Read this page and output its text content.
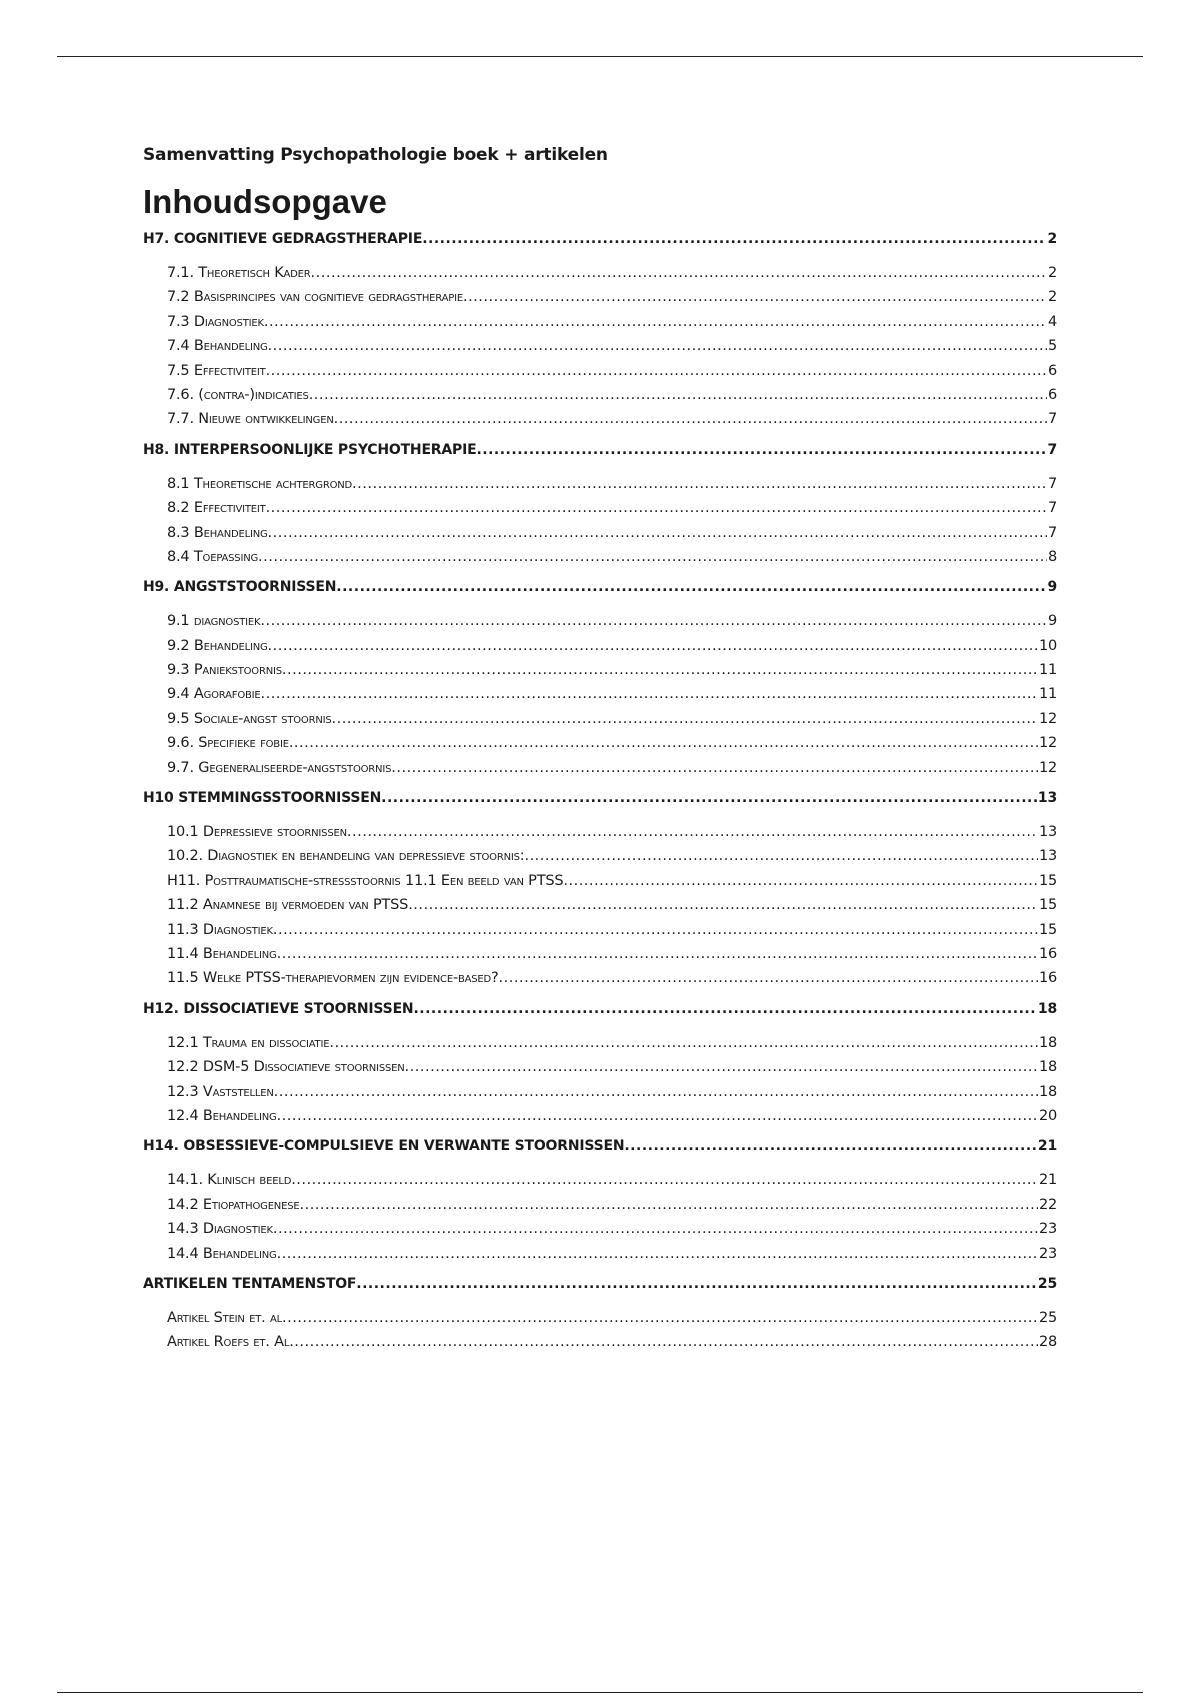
Samenvatting Psychopathologie boek + artikelen
Inhoudsopgave
H7. COGNITIEVE GEDRAGSTHERAPIE .....	2
7.1. Theoretisch Kader .....	2
7.2 Basisprincipes van cognitieve gedragstherapie .....	2
7.3 Diagnostiek .....	4
7.4 Behandeling .....	5
7.5 Effectiviteit .....	6
7.6. (contra-)indicaties .....	6
7.7. Nieuwe ontwikkelingen .....	7
H8. INTERPERSOONLIJKE PSYCHOTHERAPIE .....	7
8.1 Theoretische achtergrond .....	7
8.2 Effectiviteit .....	7
8.3 Behandeling .....	7
8.4 Toepassing .....	8
H9. ANGSTSTOORNISSEN .....	9
9.1 diagnostiek .....	9
9.2 Behandeling .....	10
9.3 Paniekstoornis .....	11
9.4 Agorafobie .....	11
9.5 Sociale-angst stoornis .....	12
9.6. Specifieke fobie .....	12
9.7. Gegeneraliseerde-angststoornis .....	12
H10 STEMMINGSSTOORNISSEN .....	13
10.1 Depressieve stoornissen .....	13
10.2. Diagnostiek en behandeling van depressieve stoornis: .....	13
H11. Posttraumatische-stressstoornis 11.1 Een beeld van PTSS .....	15
11.2 Anamnese bij vermoeden van PTSS .....	15
11.3 Diagnostiek .....	15
11.4 Behandeling .....	16
11.5 Welke PTSS-therapievormen zijn evidence-based? .....	16
H12. DISSOCIATIEVE STOORNISSEN .....	18
12.1 Trauma en dissociatie .....	18
12.2 DSM-5 Dissociatieve stoornissen .....	18
12.3 Vaststellen .....	18
12.4 Behandeling .....	20
H14. OBSESSIEVE-COMPULSIEVE EN VERWANTE STOORNISSEN .....	21
14.1. Klinisch beeld .....	21
14.2 Etiopathogenese .....	22
14.3 Diagnostiek .....	23
14.4 Behandeling .....	23
ARTIKELEN TENTAMENSTOF .....	25
Artikel Stein et. al .....	25
Artikel Roefs et. Al .....	28
